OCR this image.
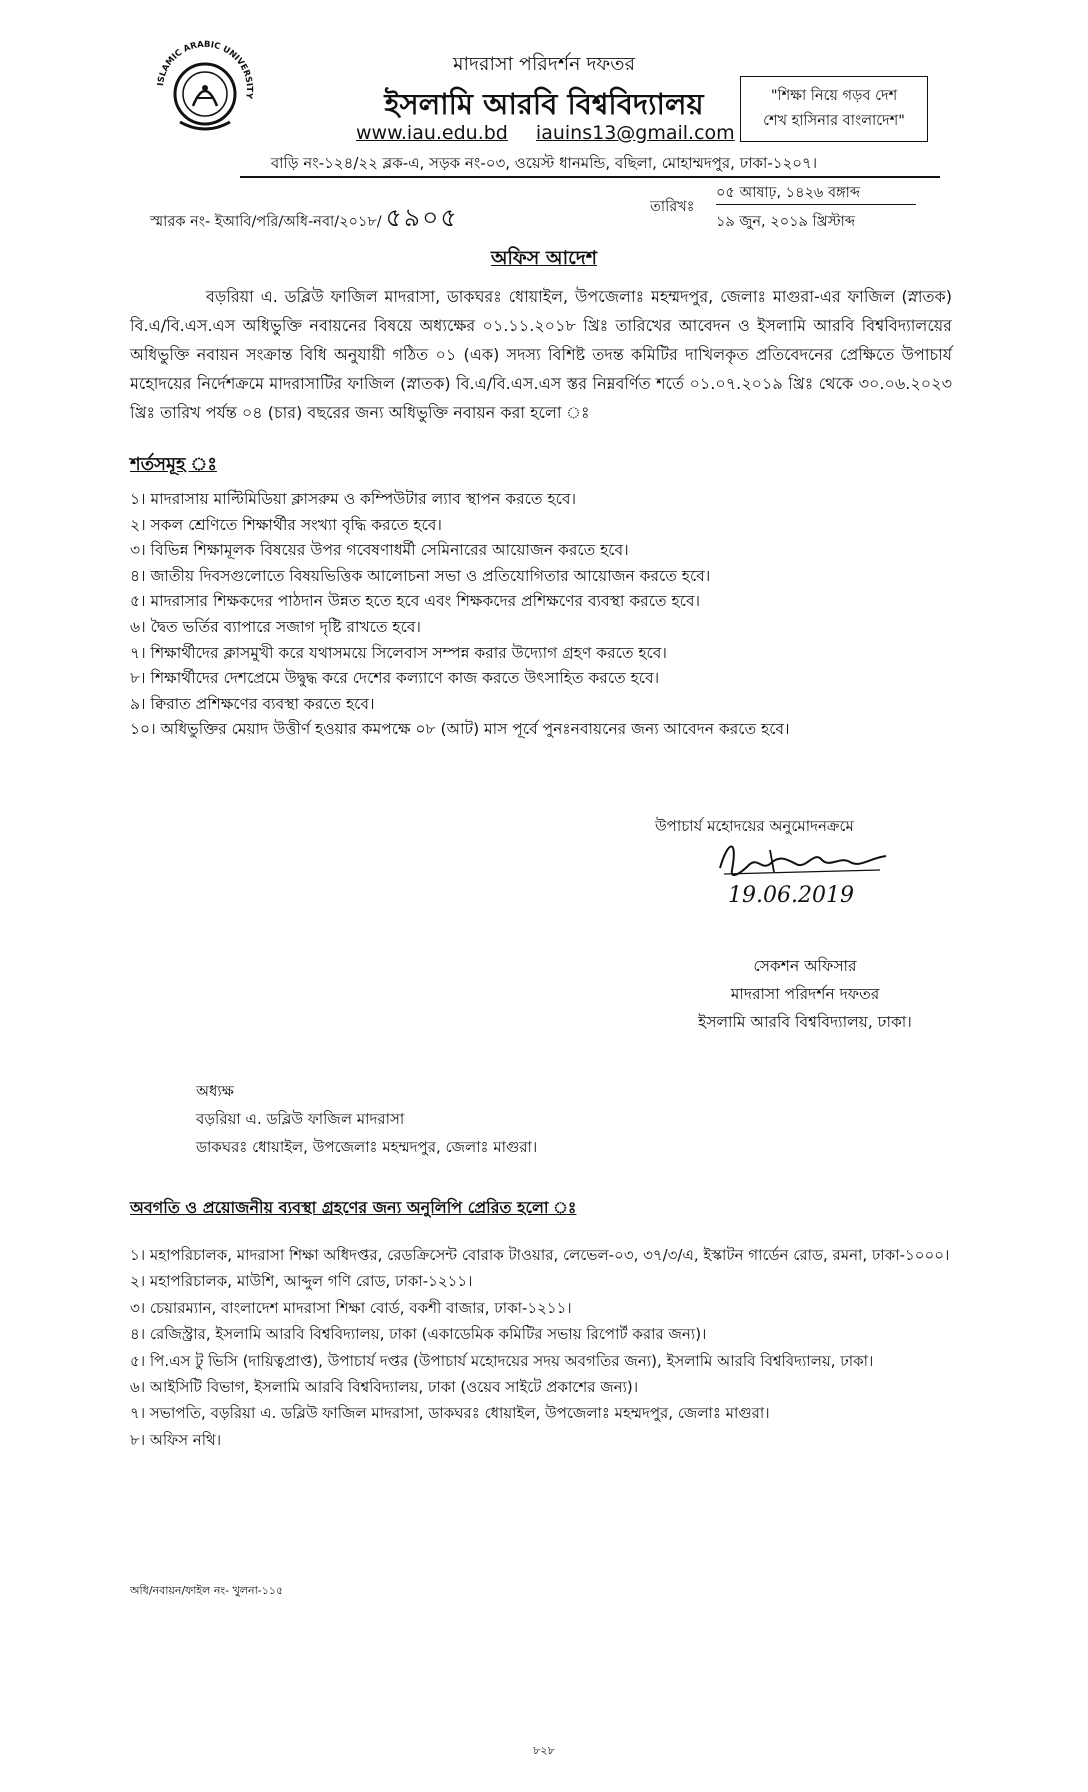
ISLAMIC ARABIC UNIVERSITY
মাদরাসা পরিদর্শন দফতর
ইসলামি আরবি বিশ্ববিদ্যালয়
www.iau.edu.bd iauins13@gmail.com
বাড়ি নং-১২৪/২২ ব্লক-এ, সড়ক নং-০৩, ওয়েস্ট ধানমন্ডি, বছিলা, মোহাম্মদপুর, ঢাকা-১২০৭।
"শিক্ষা নিয়ে গড়ব দেশ
শেখ হাসিনার বাংলাদেশ"
স্মারক নং- ইআবি/পরি/অধি-নবা/২০১৮/ ৫৯০৫	তারিখঃ
০৫ আষাঢ়, ১৪২৬ বঙ্গাব্দ
১৯ জুন, ২০১৯ খ্রিস্টাব্দ
অফিস আদেশ
বড়রিয়া এ. ডব্লিউ ফাজিল মাদরাসা, ডাকঘরঃ ধোয়াইল, উপজেলাঃ মহম্মদপুর, জেলাঃ মাগুরা-এর ফাজিল (স্নাতক) বি.এ/বি.এস.এস অধিভুক্তি নবায়নের বিষয়ে অধ্যক্ষের ০১.১১.২০১৮ খ্রিঃ তারিখের আবেদন ও ইসলামি আরবি বিশ্ববিদ্যালয়ের অধিভুক্তি নবায়ন সংক্রান্ত বিধি অনুযায়ী গঠিত ০১ (এক) সদস্য বিশিষ্ট তদন্ত কমিটির দাখিলকৃত প্রতিবেদনের প্রেক্ষিতে উপাচার্য মহোদয়ের নির্দেশক্রমে মাদরাসাটির ফাজিল (স্নাতক) বি.এ/বি.এস.এস স্তর নিম্নবর্ণিত শর্তে ০১.০৭.২০১৯ খ্রিঃ থেকে ৩০.০৬.২০২৩ খ্রিঃ তারিখ পর্যন্ত ০৪ (চার) বছরের জন্য অধিভুক্তি নবায়ন করা হলো ঃ
শর্তসমূহ ঃ
১। মাদরাসায় মাল্টিমিডিয়া ক্লাসরুম ও কম্পিউটার ল্যাব স্থাপন করতে হবে।
২। সকল শ্রেণিতে শিক্ষার্থীর সংখ্যা বৃদ্ধি করতে হবে।
৩। বিভিন্ন শিক্ষামূলক বিষয়ের উপর গবেষণাধর্মী সেমিনারের আয়োজন করতে হবে।
৪। জাতীয় দিবসগুলোতে বিষয়ভিত্তিক আলোচনা সভা ও প্রতিযোগিতার আয়োজন করতে হবে।
৫। মাদরাসার শিক্ষকদের পাঠদান উন্নত হতে হবে এবং শিক্ষকদের প্রশিক্ষণের ব্যবস্থা করতে হবে।
৬। দ্বৈত ভর্তির ব্যাপারে সজাগ দৃষ্টি রাখতে হবে।
৭। শিক্ষার্থীদের ক্লাসমুখী করে যথাসময়ে সিলেবাস সম্পন্ন করার উদ্যোগ গ্রহণ করতে হবে।
৮। শিক্ষার্থীদের দেশপ্রেমে উদ্বুদ্ধ করে দেশের কল্যাণে কাজ করতে উৎসাহিত করতে হবে।
৯। ক্বিরাত প্রশিক্ষণের ব্যবস্থা করতে হবে।
১০। অধিভুক্তির মেয়াদ উত্তীর্ণ হওয়ার কমপক্ষে ০৮ (আট) মাস পূর্বে পুনঃনবায়নের জন্য আবেদন করতে হবে।
উপাচার্য মহোদয়ের অনুমোদনক্রমে
19.06.2019
সেকশন অফিসার
মাদরাসা পরিদর্শন দফতর
ইসলামি আরবি বিশ্ববিদ্যালয়, ঢাকা।
অধ্যক্ষ
বড়রিয়া এ. ডব্লিউ ফাজিল মাদরাসা
ডাকঘরঃ ধোয়াইল, উপজেলাঃ মহম্মদপুর, জেলাঃ মাগুরা।
অবগতি ও প্রয়োজনীয় ব্যবস্থা গ্রহণের জন্য অনুলিপি প্রেরিত হলো ঃ
১। মহাপরিচালক, মাদরাসা শিক্ষা অধিদপ্তর, রেডক্রিসেন্ট বোরাক টাওয়ার, লেভেল-০৩, ৩৭/৩/এ, ইস্কাটন গার্ডেন রোড, রমনা, ঢাকা-১০০০।
২। মহাপরিচালক, মাউশি, আব্দুল গণি রোড, ঢাকা-১২১১।
৩। চেয়ারম্যান, বাংলাদেশ মাদরাসা শিক্ষা বোর্ড, বকশী বাজার, ঢাকা-১২১১।
৪। রেজিস্ট্রার, ইসলামি আরবি বিশ্ববিদ্যালয়, ঢাকা (একাডেমিক কমিটির সভায় রিপোর্ট করার জন্য)।
৫। পি.এস টু ভিসি (দায়িত্বপ্রাপ্ত), উপাচার্য দপ্তর (উপাচার্য মহোদয়ের সদয় অবগতির জন্য), ইসলামি আরবি বিশ্ববিদ্যালয়, ঢাকা।
৬। আইসিটি বিভাগ, ইসলামি আরবি বিশ্ববিদ্যালয়, ঢাকা (ওয়েব সাইটে প্রকাশের জন্য)।
৭। সভাপতি, বড়রিয়া এ. ডব্লিউ ফাজিল মাদরাসা, ডাকঘরঃ ধোয়াইল, উপজেলাঃ মহম্মদপুর, জেলাঃ মাগুরা।
৮। অফিস নথি।
অধি/নবায়ন/ফাইল নং- খুলনা-১১৫
৮২৮
